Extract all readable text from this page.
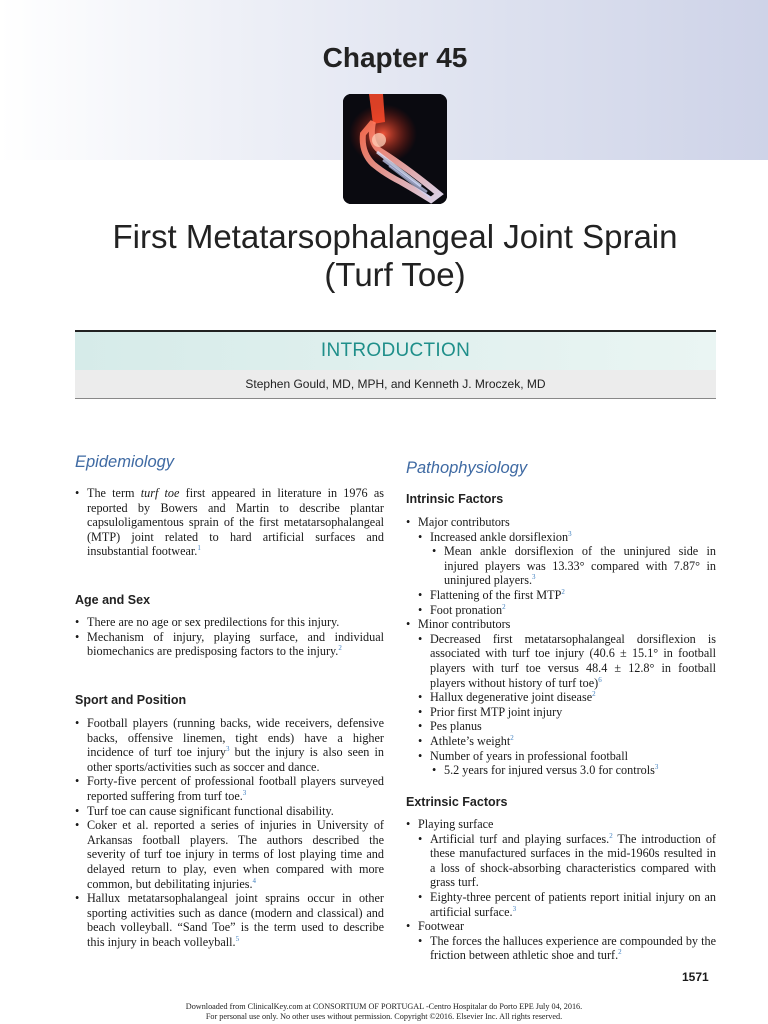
Chapter 45
First Metatarsophalangeal Joint Sprain
(Turf Toe)
INTRODUCTION
Stephen Gould, MD, MPH, and Kenneth J. Mroczek, MD
Epidemiology
• The term turf toe first appeared in literature in 1976 as reported by Bowers and Martin to describe plantar capsuloligamentous sprain of the first metatarsophalangeal (MTP) joint related to hard artificial surfaces and insubstantial footwear.$^1$
Age and Sex
• There are no age or sex predilections for this injury.
• Mechanism of injury, playing surface, and individual biomechanics are predisposing factors to the injury.$^2$
Sport and Position
• Football players (running backs, wide receivers, defensive backs, offensive linemen, tight ends) have a higher incidence of turf toe injury$^3$ but the injury is also seen in other sports/activities such as soccer and dance.
• Forty-five percent of professional football players surveyed reported suffering from turf toe.$^3$
• Turf toe can cause significant functional disability.
• Coker et al. reported a series of injuries in University of Arkansas football players. The authors described the severity of turf toe injury in terms of lost playing time and delayed return to play, even when compared with more common, but debilitating injuries.$^4$
• Hallux metatarsophalangeal joint sprains occur in other sporting activities such as dance (modern and classical) and beach volleyball. “Sand Toe” is the term used to describe this injury in beach volleyball.$^5$
Pathophysiology
Intrinsic Factors
• Major contributors
• Increased ankle dorsiflexion$^3$
• Mean ankle dorsiflexion of the uninjured side in injured players was 13.33° compared with 7.87° in uninjured players.$^3$
• Flattening of the first MTP$^2$
• Foot pronation$^2$
• Minor contributors
• Decreased first metatarsophalangeal dorsiflexion is associated with turf toe injury (40.6 ± 15.1° in football players with turf toe versus 48.4 ± 12.8° in football players without history of turf toe)$^6$
• Hallux degenerative joint disease$^2$
• Prior first MTP joint injury
• Pes planus
• Athlete’s weight$^2$
• Number of years in professional football
• 5.2 years for injured versus 3.0 for controls$^3$
Extrinsic Factors
• Playing surface
• Artificial turf and playing surfaces.$^2$ The introduction of these manufactured surfaces in the mid-1960s resulted in a loss of shock-absorbing characteristics compared with grass turf.
• Eighty-three percent of patients report initial injury on an artificial surface.$^3$
• Footwear
• The forces the halluces experience are compounded by the friction between athletic shoe and turf.$^2$
1571
Downloaded from ClinicalKey.com at CONSORTIUM OF PORTUGAL -Centro Hospitalar do Porto EPE July 04, 2016.
For personal use only. No other uses without permission. Copyright ©2016. Elsevier Inc. All rights reserved.
